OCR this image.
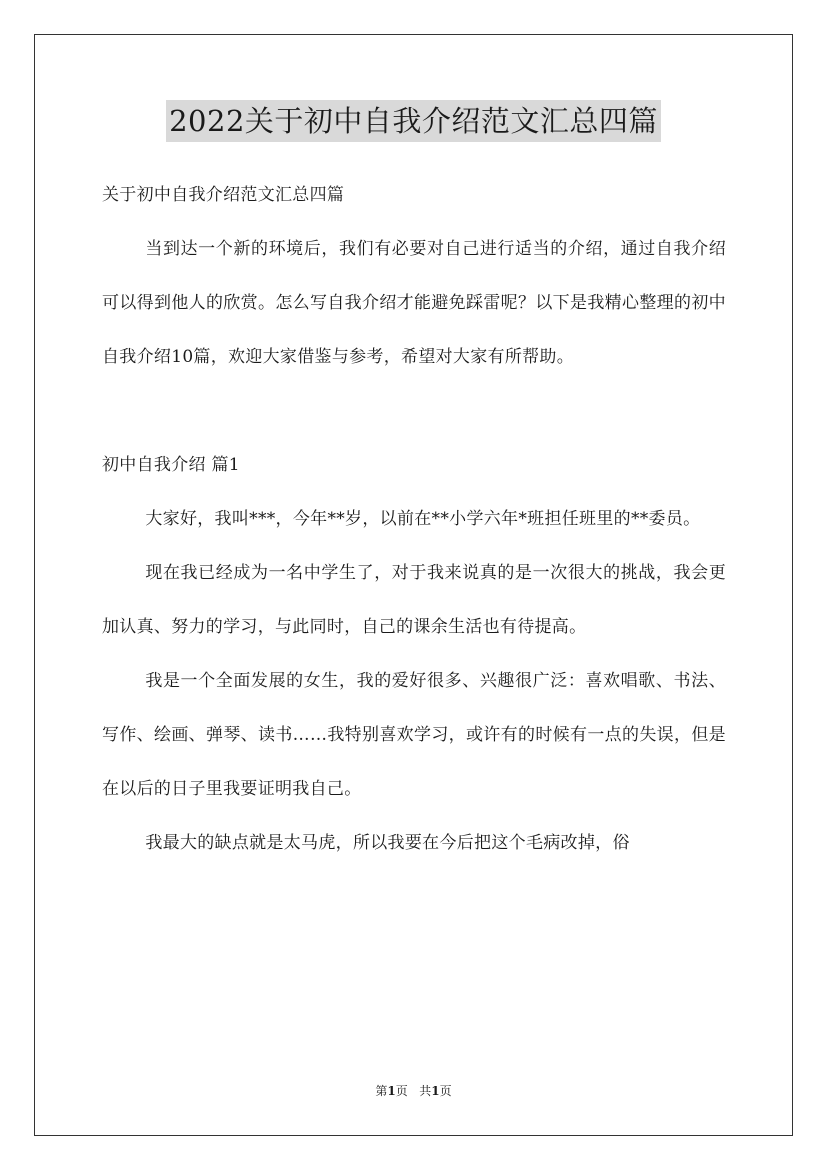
2022关于初中自我介绍范文汇总四篇

关于初中自我介绍范文汇总四篇

当到达一个新的环境后，我们有必要对自己进行适当的介绍，通过自我介绍可以得到他人的欣赏。怎么写自我介绍才能避免踩雷呢？以下是我精心整理的初中自我介绍10篇，欢迎大家借鉴与参考，希望对大家有所帮助。

初中自我介绍 篇1

大家好，我叫***，今年**岁，以前在**小学六年*班担任班里的**委员。

现在我已经成为一名中学生了，对于我来说真的是一次很大的挑战，我会更加认真、努力的学习，与此同时，自己的课余生活也有待提高。

我是一个全面发展的女生，我的爱好很多、兴趣很广泛：喜欢唱歌、书法、写作、绘画、弹琴、读书……我特别喜欢学习，或许有的时候有一点的失误，但是在以后的日子里我要证明我自己。

我最大的缺点就是太马虎，所以我要在今后把这个毛病改掉，俗

第1页 共1页
